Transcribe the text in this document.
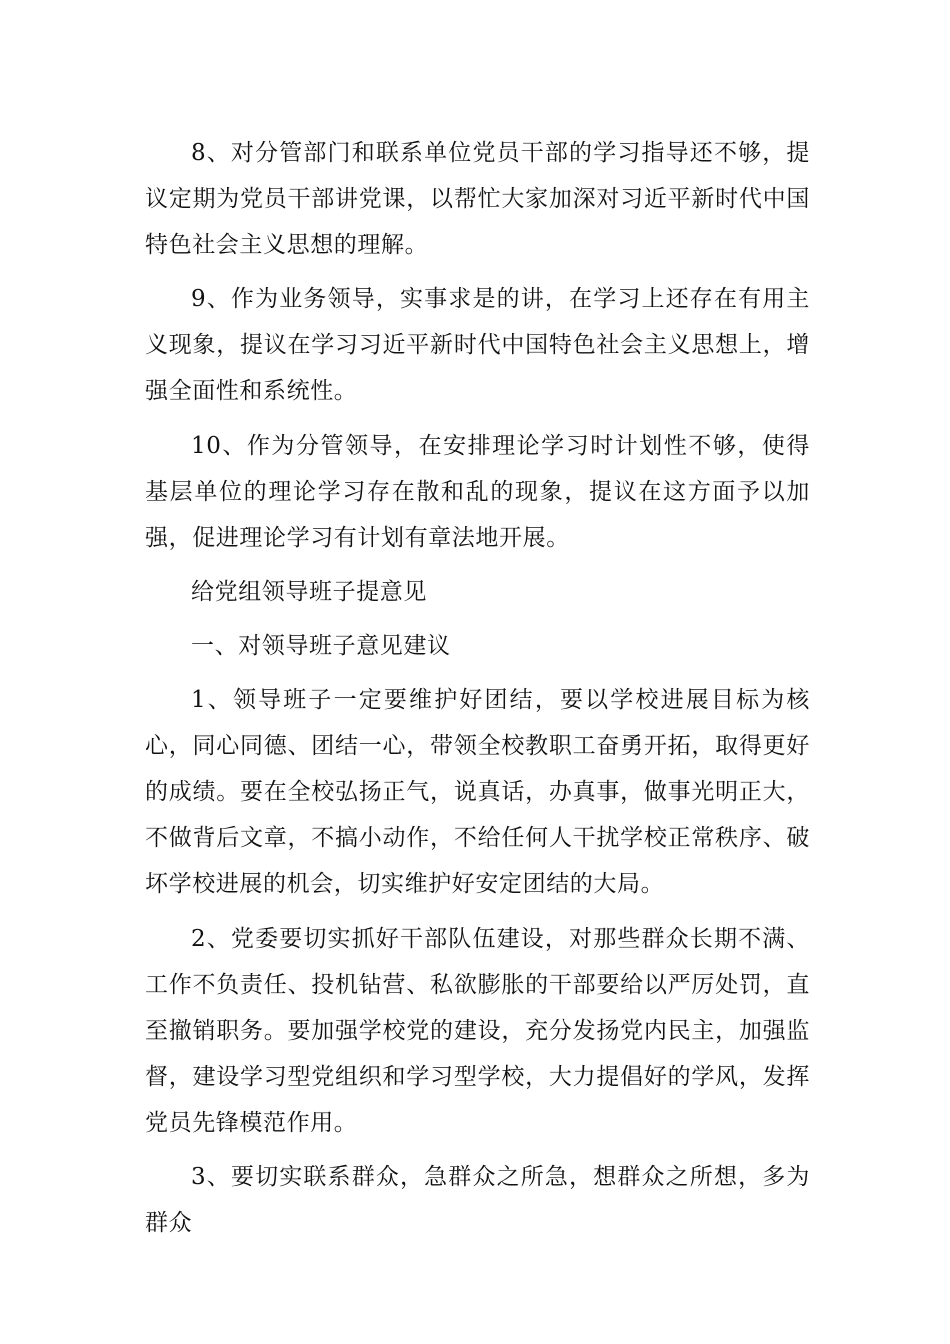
8、对分管部门和联系单位党员干部的学习指导还不够，提议定期为党员干部讲党课，以帮忙大家加深对习近平新时代中国特色社会主义思想的理解。

9、作为业务领导，实事求是的讲，在学习上还存在有用主义现象，提议在学习习近平新时代中国特色社会主义思想上，增强全面性和系统性。

10、作为分管领导，在安排理论学习时计划性不够，使得基层单位的理论学习存在散和乱的现象，提议在这方面予以加强，促进理论学习有计划有章法地开展。

给党组领导班子提意见

一、对领导班子意见建议

1、领导班子一定要维护好团结，要以学校进展目标为核心，同心同德、团结一心，带领全校教职工奋勇开拓，取得更好的成绩。要在全校弘扬正气，说真话，办真事，做事光明正大，不做背后文章，不搞小动作，不给任何人干扰学校正常秩序、破坏学校进展的机会，切实维护好安定团结的大局。

2、党委要切实抓好干部队伍建设，对那些群众长期不满、工作不负责任、投机钻营、私欲膨胀的干部要给以严厉处罚，直至撤销职务。要加强学校党的建设，充分发扬党内民主，加强监督，建设学习型党组织和学习型学校，大力提倡好的学风，发挥党员先锋模范作用。

3、要切实联系群众，急群众之所急，想群众之所想，多为群众
